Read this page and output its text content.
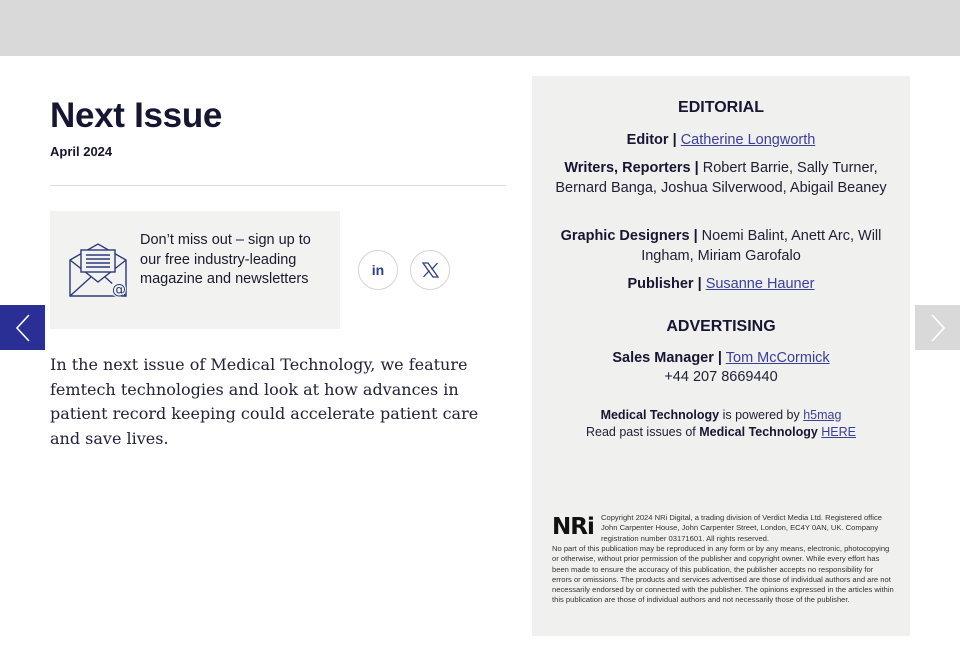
Next Issue
April 2024
@
Don’t miss out – sign up to our free industry-leading magazine and newsletters
in

In the next issue of Medical Technology, we feature femtech technologies and look at how advances in patient record keeping could accelerate patient care and save lives.

EDITORIAL
Editor | Catherine Longworth
Writers, Reporters | Robert Barrie, Sally Turner, Bernard Banga, Joshua Silverwood, Abigail Beaney
Graphic Designers | Noemi Balint, Anett Arc, Will Ingham, Miriam Garofalo
Publisher | Susanne Hauner
ADVERTISING
Sales Manager | Tom McCormick
+44 207 8669440
Medical Technology is powered by h5mag
Read past issues of Medical Technology HERE
NRi Copyright 2024 NRi Digital, a trading division of Verdict Media Ltd. Registered office John Carpenter House, John Carpenter Street, London, EC4Y 0AN, UK. Company registration number 03171601. All rights reserved.
No part of this publication may be reproduced in any form or by any means, electronic, photocopying or otherwise, without prior permission of the publisher and copyright owner. While every effort has been made to ensure the accuracy of this publication, the publisher accepts no responsibility for errors or omissions. The products and services advertised are those of individual authors and are not necessarily endorsed by or connected with the publisher. The opinions expressed in the articles within this publication are those of individual authors and not necessarily those of the publisher.
